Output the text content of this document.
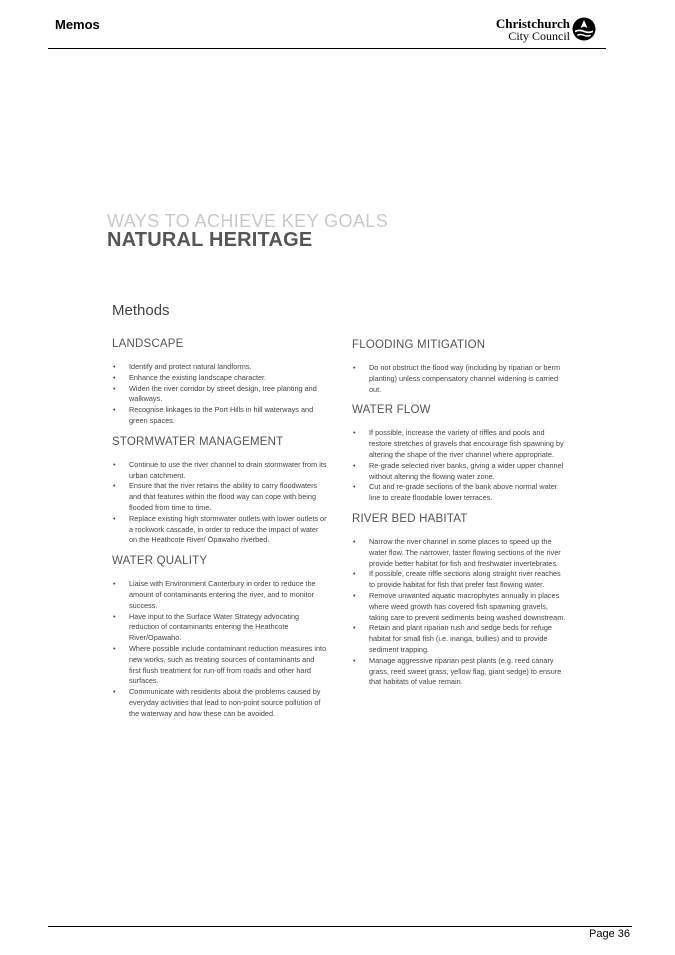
Memos	Christchurch
City Council
WAYS TO ACHIEVE KEY GOALS
NATURAL HERITAGE
Methods
LANDSCAPE
• Identify and protect natural landforms.
• Enhance the existing landscape character.
• Widen the river corridor by street design, tree planting and walkways.
• Recognise linkages to the Port Hills in hill waterways and green spaces.
STORMWATER MANAGEMENT
• Continue to use the river channel to drain stormwater from its urban catchment.
• Ensure that the river retains the ability to carry floodwaters and that features within the flood way can cope with being flooded from time to time.
• Replace existing high stormwater outlets with lower outlets or a rockwork cascade, in order to reduce the impact of water on the Heathcote River/ Ōpawaho riverbed.
WATER QUALITY
• Liaise with Environment Canterbury in order to reduce the amount of contaminants entering the river, and to monitor success.
• Have input to the Surface Water Strategy advocating reduction of contaminants entering the Heathcote River/Opawaho.
• Where possible include contaminant reduction measures into new works, such as treating sources of contaminants and first flush treatment for run-off from roads and other hard surfaces.
• Communicate with residents about the problems caused by everyday activities that lead to non-point source pollution of the waterway and how these can be avoided.
FLOODING MITIGATION
• Do not obstruct the flood way (including by riparian or berm planting) unless compensatory channel widening is carried out.
WATER FLOW
• If possible, increase the variety of riffles and pools and restore stretches of gravels that encourage fish spawning by altering the shape of the river channel where appropriate.
• Re-grade selected river banks, giving a wider upper channel without altering the flowing water zone.
• Cut and re-grade sections of the bank above normal water line to create floodable lower terraces.
RIVER BED HABITAT
• Narrow the river channel in some places to speed up the water flow. The narrower, faster flowing sections of the river provide better habitat for fish and freshwater invertebrates.
• If possible, create riffle sections along straight river reaches to provide habitat for fish that prefer fast flowing water.
• Remove unwanted aquatic macrophytes annually in places where weed growth has covered fish spawning gravels, taking care to prevent sediments being washed downstream.
• Retain and plant riparian rush and sedge beds for refuge habitat for small fish (i.e. inanga, bullies) and to provide sediment trapping.
• Manage aggressive riparian pest plants (e.g. reed canary grass, reed sweet grass, yellow flag, giant sedge) to ensure that habitats of value remain.
Page 36
